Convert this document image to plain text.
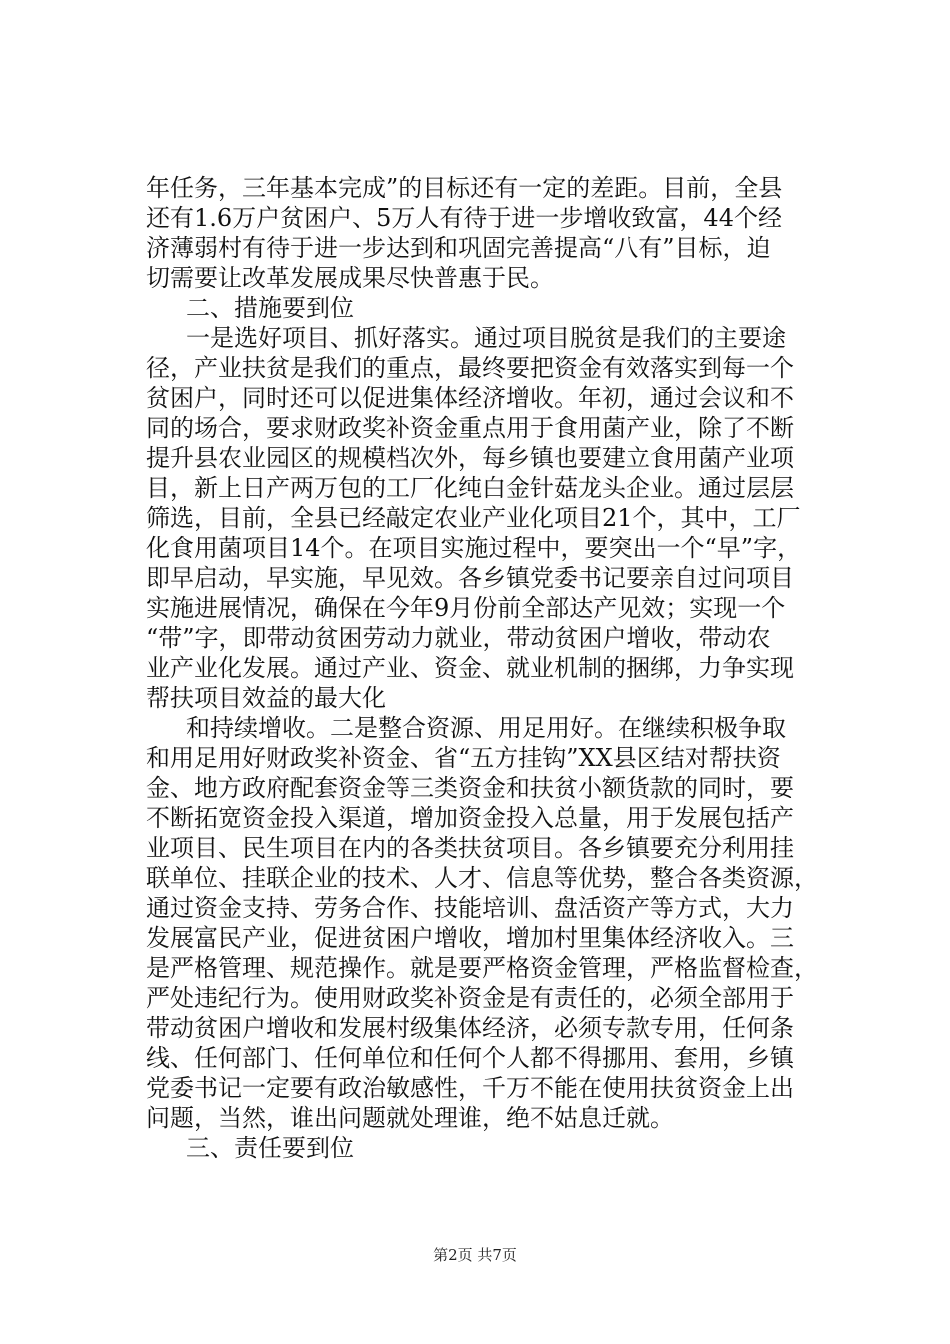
年任务，三年基本完成”的目标还有一定的差距。目前，全县
还有1.6万户贫困户、5万人有待于进一步增收致富，44个经
济薄弱村有待于进一步达到和巩固完善提高“八有”目标，迫
切需要让改革发展成果尽快普惠于民。
二、措施要到位
一是选好项目、抓好落实。通过项目脱贫是我们的主要途
径，产业扶贫是我们的重点，最终要把资金有效落实到每一个
贫困户，同时还可以促进集体经济增收。年初，通过会议和不
同的场合，要求财政奖补资金重点用于食用菌产业，除了不断
提升县农业园区的规模档次外，每乡镇也要建立食用菌产业项
目，新上日产两万包的工厂化纯白金针菇龙头企业。通过层层
筛选，目前，全县已经敲定农业产业化项目21个，其中，工厂
化食用菌项目14个。在项目实施过程中，要突出一个“早”字，
即早启动，早实施，早见效。各乡镇党委书记要亲自过问项目
实施进展情况，确保在今年9月份前全部达产见效；实现一个
“带”字，即带动贫困劳动力就业，带动贫困户增收，带动农
业产业化发展。通过产业、资金、就业机制的捆绑，力争实现
帮扶项目效益的最大化
和持续增收。二是整合资源、用足用好。在继续积极争取
和用足用好财政奖补资金、省“五方挂钩”XX县区结对帮扶资
金、地方政府配套资金等三类资金和扶贫小额货款的同时，要
不断拓宽资金投入渠道，增加资金投入总量，用于发展包括产
业项目、民生项目在内的各类扶贫项目。各乡镇要充分利用挂
联单位、挂联企业的技术、人才、信息等优势，整合各类资源，
通过资金支持、劳务合作、技能培训、盘活资产等方式，大力
发展富民产业，促进贫困户增收，增加村里集体经济收入。三
是严格管理、规范操作。就是要严格资金管理，严格监督检查，
严处违纪行为。使用财政奖补资金是有责任的，必须全部用于
带动贫困户增收和发展村级集体经济，必须专款专用，任何条
线、任何部门、任何单位和任何个人都不得挪用、套用，乡镇
党委书记一定要有政治敏感性，千万不能在使用扶贫资金上出
问题，当然，谁出问题就处理谁，绝不姑息迁就。
三、责任要到位
第2页 共7页
